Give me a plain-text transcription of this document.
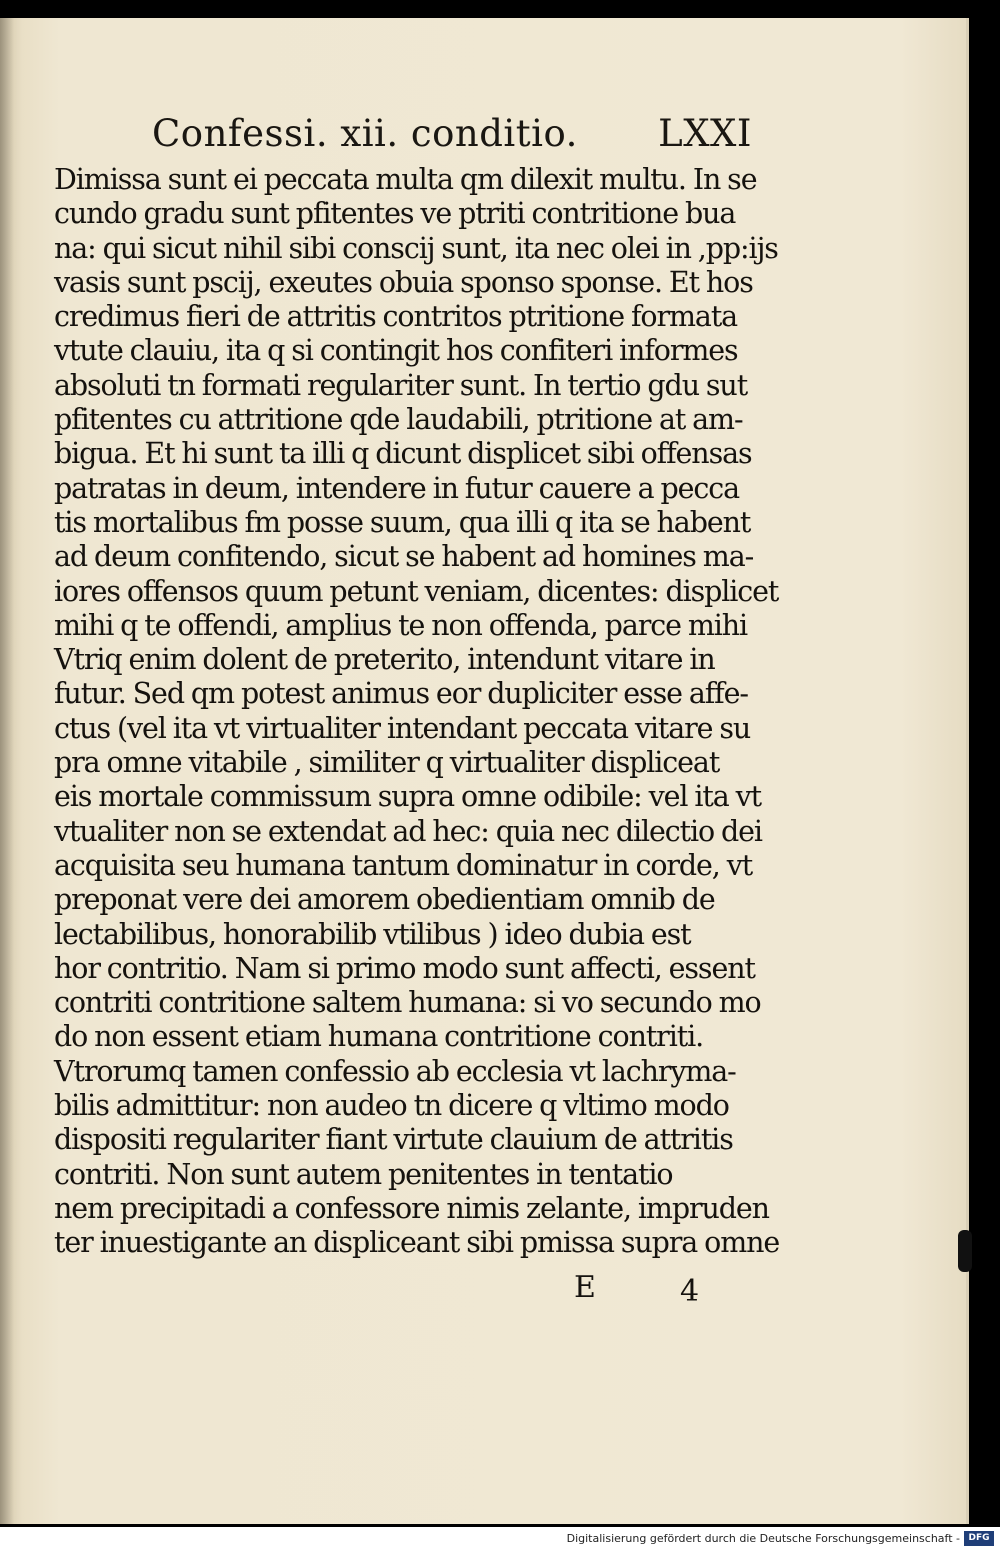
Confessi. xii. conditio. LXXI
Dimissa sunt ei peccata multa qm dilexit multu. In se
cundo gradu sunt pfitentes ve ptriti contritione bua
na: qui sicut nihil sibi conscij sunt, ita nec olei in ,pp:ijs
vasis sunt pscij, exeutes obuia sponso sponse. Et hos
credimus fieri de attritis contritos ptritione formata
vtute clauiu, ita q si contingit hos confiteri informes
absoluti tn formati regulariter sunt. In tertio gdu sut
pfitentes cu attritione qde laudabili, ptritione at am-
bigua. Et hi sunt ta illi q dicunt displicet sibi offensas
patratas in deum, intendere in futur cauere a pecca
tis mortalibus fm posse suum, qua illi q ita se habent
ad deum confitendo, sicut se habent ad homines ma-
iores offensos quum petunt veniam, dicentes: displicet
mihi q te offendi, amplius te non offenda, parce mihi
Vtriq enim dolent de preterito, intendunt vitare in
futur. Sed qm potest animus eor dupliciter esse affe-
ctus (vel ita vt virtualiter intendant peccata vitare su
pra omne vitabile , similiter q virtualiter displiceat
eis mortale commissum supra omne odibile: vel ita vt
vtualiter non se extendat ad hec: quia nec dilectio dei
acquisita seu humana tantum dominatur in corde, vt
preponat vere dei amorem obedientiam omnib de
lectabilibus, honorabilib vtilibus ) ideo dubia est
hor contritio. Nam si primo modo sunt affecti, essent
contriti contritione saltem humana: si vo secundo mo
do non essent etiam humana contritione contriti.
Vtrorumq tamen confessio ab ecclesia vt lachryma-
bilis admittitur: non audeo tn dicere q vltimo modo
dispositi regulariter fiant virtute clauium de attritis
contriti. Non sunt autem penitentes in tentatio
nem precipitadi a confessore nimis zelante, impruden
ter inuestigante an displiceant sibi pmissa supra omne
E	4
Digitalisierung gefördert durch die Deutsche Forschungsgemeinschaft - DFG
